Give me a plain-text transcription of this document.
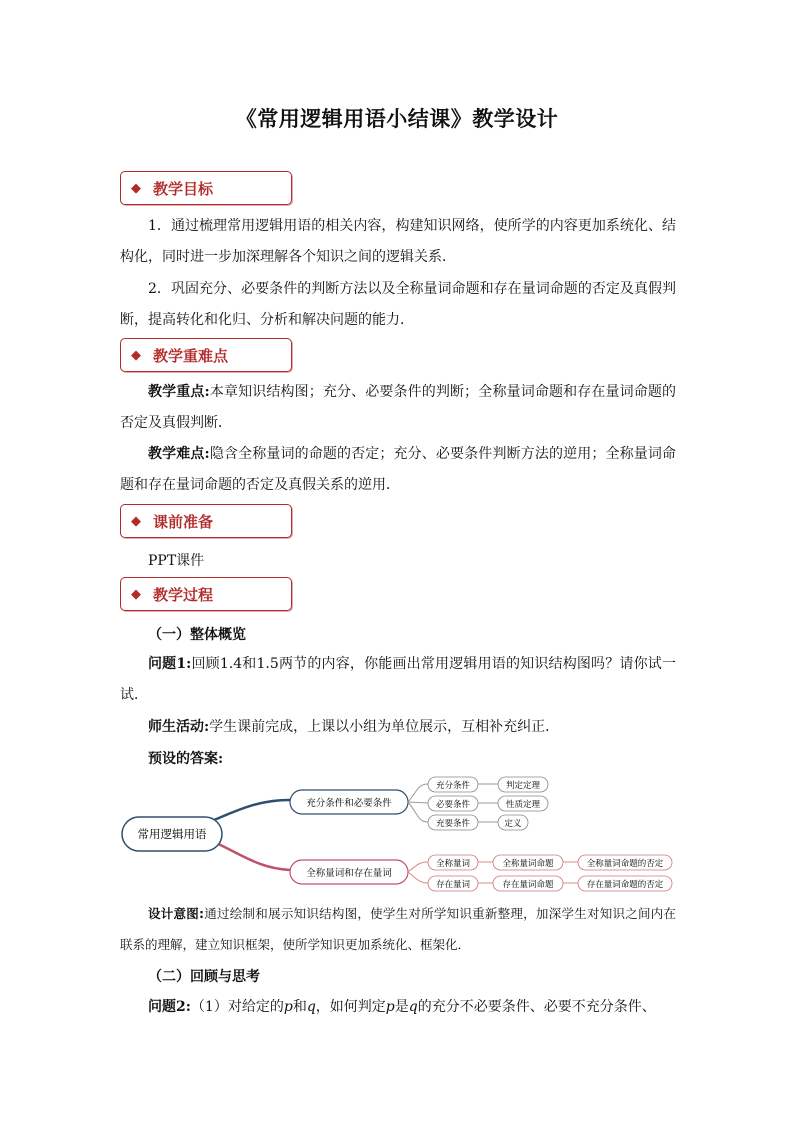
《常用逻辑用语小结课》教学设计
◆ 教学目标

1．通过梳理常用逻辑用语的相关内容，构建知识网络，使所学的内容更加系统化、结构化，同时进一步加深理解各个知识之间的逻辑关系．

2．巩固充分、必要条件的判断方法以及全称量词命题和存在量词命题的否定及真假判断，提高转化和化归、分析和解决问题的能力．

◆ 教学重难点

教学重点:本章知识结构图；充分、必要条件的判断；全称量词命题和存在量词命题的否定及真假判断．

教学难点:隐含全称量词的命题的否定；充分、必要条件判断方法的逆用；全称量词命题和存在量词命题的否定及真假关系的逆用．

◆ 课前准备

PPT课件

◆ 教学过程

（一）整体概览

问题1:回顾1.4和1.5两节的内容，你能画出常用逻辑用语的知识结构图吗？请你试一试．

师生活动:学生课前完成，上课以小组为单位展示，互相补充纠正．

预设的答案:

常用逻辑用语
充分条件和必要条件
充分条件
必要条件
充要条件
判定定理
性质定理
定义
全称量词和存在量词
全称量词
存在量词
全称量词命题
存在量词命题
全称量词命题的否定
存在量词命题的否定

设计意图:通过绘制和展示知识结构图，使学生对所学知识重新整理，加深学生对知识之间内在联系的理解，建立知识框架，使所学知识更加系统化、框架化．

（二）回顾与思考

问题2:（1）对给定的p和q，如何判定p是q的充分不必要条件、必要不充分条件、
